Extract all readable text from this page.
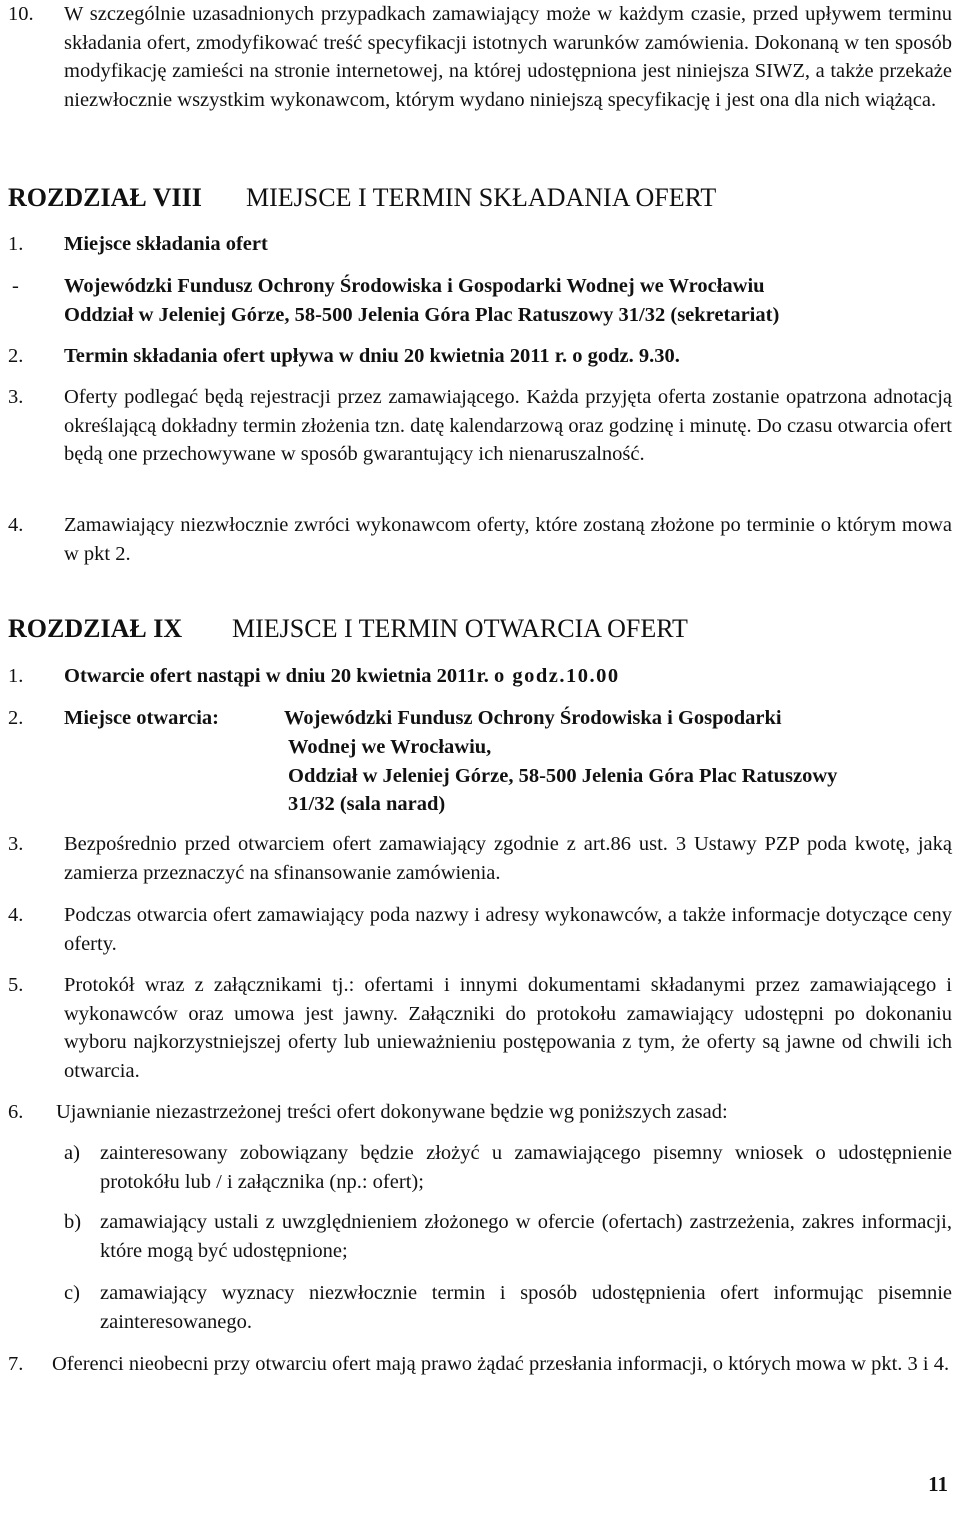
10.	W szczególnie uzasadnionych przypadkach zamawiający może w każdym czasie, przed upływem terminu składania ofert, zmodyfikować treść specyfikacji istotnych warunków zamówienia. Dokonaną w ten sposób modyfikację zamieści na stronie internetowej, na której udostępniona jest niniejsza SIWZ, a także przekaże niezwłocznie wszystkim wykonawcom, którym wydano niniejszą specyfikację i jest ona dla nich wiążąca.
ROZDZIAŁ VIII MIEJSCE I TERMIN SKŁADANIA OFERT
1. Miejsce składania ofert
- Wojewódzki Fundusz Ochrony Środowiska i Gospodarki Wodnej we Wrocławiu
Oddział w Jeleniej Górze, 58-500 Jelenia Góra Plac Ratuszowy 31/32 (sekretariat)
2. Termin składania ofert upływa w dniu 20 kwietnia 2011 r. o godz. 9.30.
3.	Oferty podlegać będą rejestracji przez zamawiającego. Każda przyjęta oferta zostanie opatrzona adnotacją określającą dokładny termin złożenia tzn. datę kalendarzową oraz godzinę i minutę. Do czasu otwarcia ofert będą one przechowywane w sposób gwarantujący ich nienaruszalność.
4.	Zamawiający niezwłocznie zwróci wykonawcom oferty, które zostaną złożone po terminie o którym mowa w pkt 2.
ROZDZIAŁ IX MIEJSCE I TERMIN OTWARCIA OFERT
1. Otwarcie ofert nastąpi w dniu 20 kwietnia 2011r. o godz.10.00
2. Miejsce otwarcia:	Wojewódzki Fundusz Ochrony Środowiska i Gospodarki
Wodnej we Wrocławiu,
Oddział w Jeleniej Górze, 58-500 Jelenia Góra Plac Ratuszowy
31/32 (sala narad)
3.	Bezpośrednio przed otwarciem ofert zamawiający zgodnie z art.86 ust. 3 Ustawy PZP poda kwotę, jaką zamierza przeznaczyć na sfinansowanie zamówienia.
4.	Podczas otwarcia ofert zamawiający poda nazwy i adresy wykonawców, a także informacje dotyczące ceny oferty.
5.	Protokół wraz z załącznikami tj.: ofertami i innymi dokumentami składanymi przez zamawiającego i wykonawców oraz umowa jest jawny. Załączniki do protokołu zamawiający udostępni po dokonaniu wyboru najkorzystniejszej oferty lub unieważnieniu postępowania z tym, że oferty są jawne od chwili ich otwarcia.
6. Ujawnianie niezastrzeżonej treści ofert dokonywane będzie wg poniższych zasad:
a) zainteresowany zobowiązany będzie złożyć u zamawiającego pisemny wniosek o udostępnienie protokółu lub / i załącznika (np.: ofert);
b) zamawiający ustali z uwzględnieniem złożonego w ofercie (ofertach) zastrzeżenia, zakres informacji, które mogą być udostępnione;
c) zamawiający wyznacy niezwłocznie termin i sposób udostępnienia ofert informując pisemnie zainteresowanego.
7.	Oferenci nieobecni przy otwarciu ofert mają prawo żądać przesłania informacji, o których mowa w pkt. 3 i 4.
11
